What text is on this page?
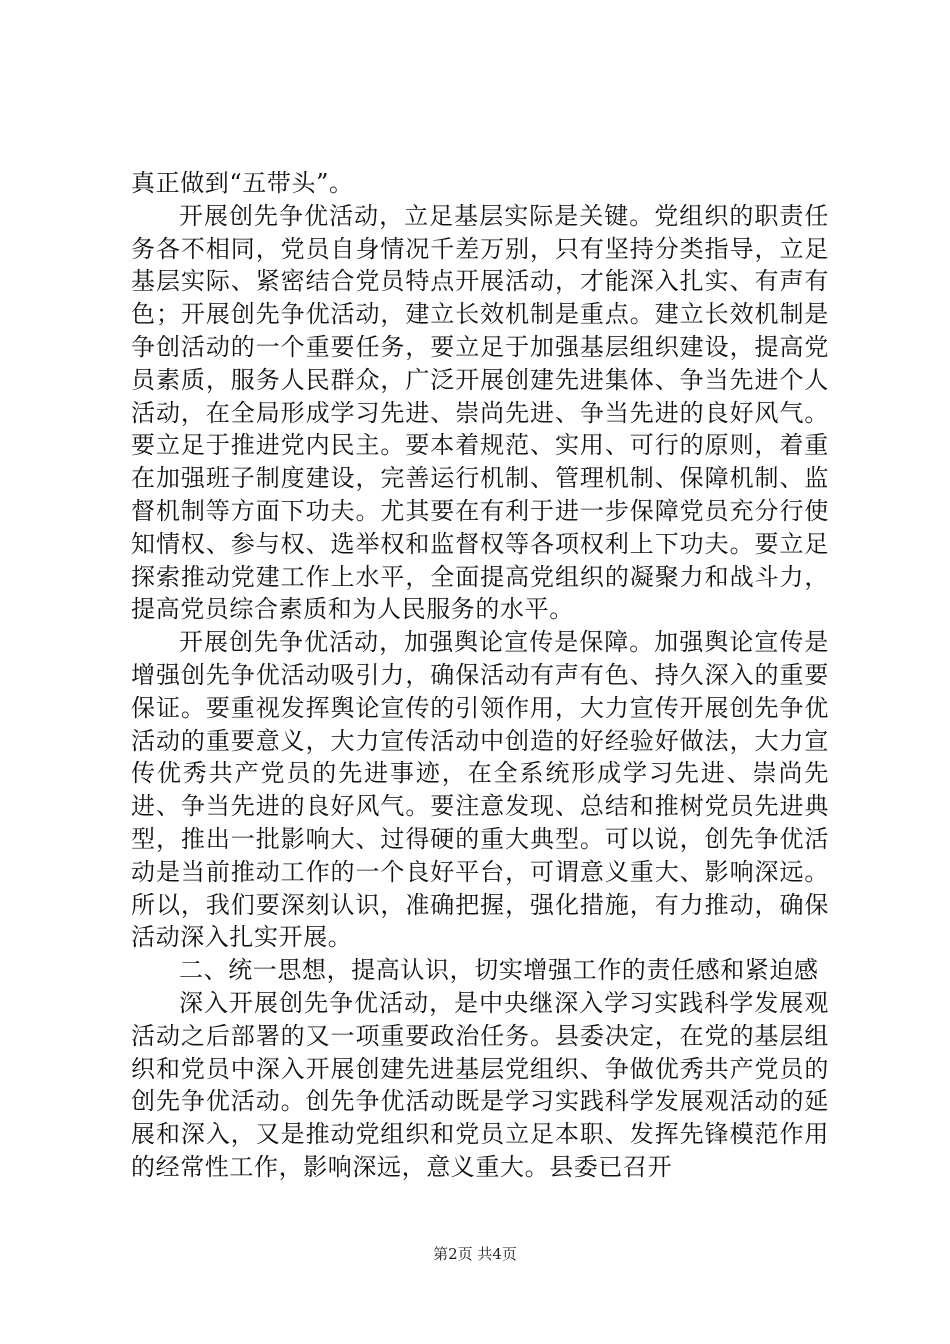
真正做到“五带头”。

开展创先争优活动，立足基层实际是关键。党组织的职责任务各不相同，党员自身情况千差万别，只有坚持分类指导，立足基层实际、紧密结合党员特点开展活动，才能深入扎实、有声有色；开展创先争优活动，建立长效机制是重点。建立长效机制是争创活动的一个重要任务，要立足于加强基层组织建设，提高党员素质，服务人民群众，广泛开展创建先进集体、争当先进个人活动，在全局形成学习先进、崇尚先进、争当先进的良好风气。要立足于推进党内民主。要本着规范、实用、可行的原则，着重在加强班子制度建设，完善运行机制、管理机制、保障机制、监督机制等方面下功夫。尤其要在有利于进一步保障党员充分行使知情权、参与权、选举权和监督权等各项权利上下功夫。要立足探索推动党建工作上水平，全面提高党组织的凝聚力和战斗力，提高党员综合素质和为人民服务的水平。

开展创先争优活动，加强舆论宣传是保障。加强舆论宣传是增强创先争优活动吸引力，确保活动有声有色、持久深入的重要保证。要重视发挥舆论宣传的引领作用，大力宣传开展创先争优活动的重要意义，大力宣传活动中创造的好经验好做法，大力宣传优秀共产党员的先进事迹，在全系统形成学习先进、崇尚先进、争当先进的良好风气。要注意发现、总结和推树党员先进典型，推出一批影响大、过得硬的重大典型。可以说，创先争优活动是当前推动工作的一个良好平台，可谓意义重大、影响深远。所以，我们要深刻认识，准确把握，强化措施，有力推动，确保活动深入扎实开展。

二、统一思想，提高认识，切实增强工作的责任感和紧迫感

深入开展创先争优活动，是中央继深入学习实践科学发展观活动之后部署的又一项重要政治任务。县委决定，在党的基层组织和党员中深入开展创建先进基层党组织、争做优秀共产党员的创先争优活动。创先争优活动既是学习实践科学发展观活动的延展和深入，又是推动党组织和党员立足本职、发挥先锋模范作用的经常性工作，影响深远，意义重大。县委已召开

第2页 共4页
